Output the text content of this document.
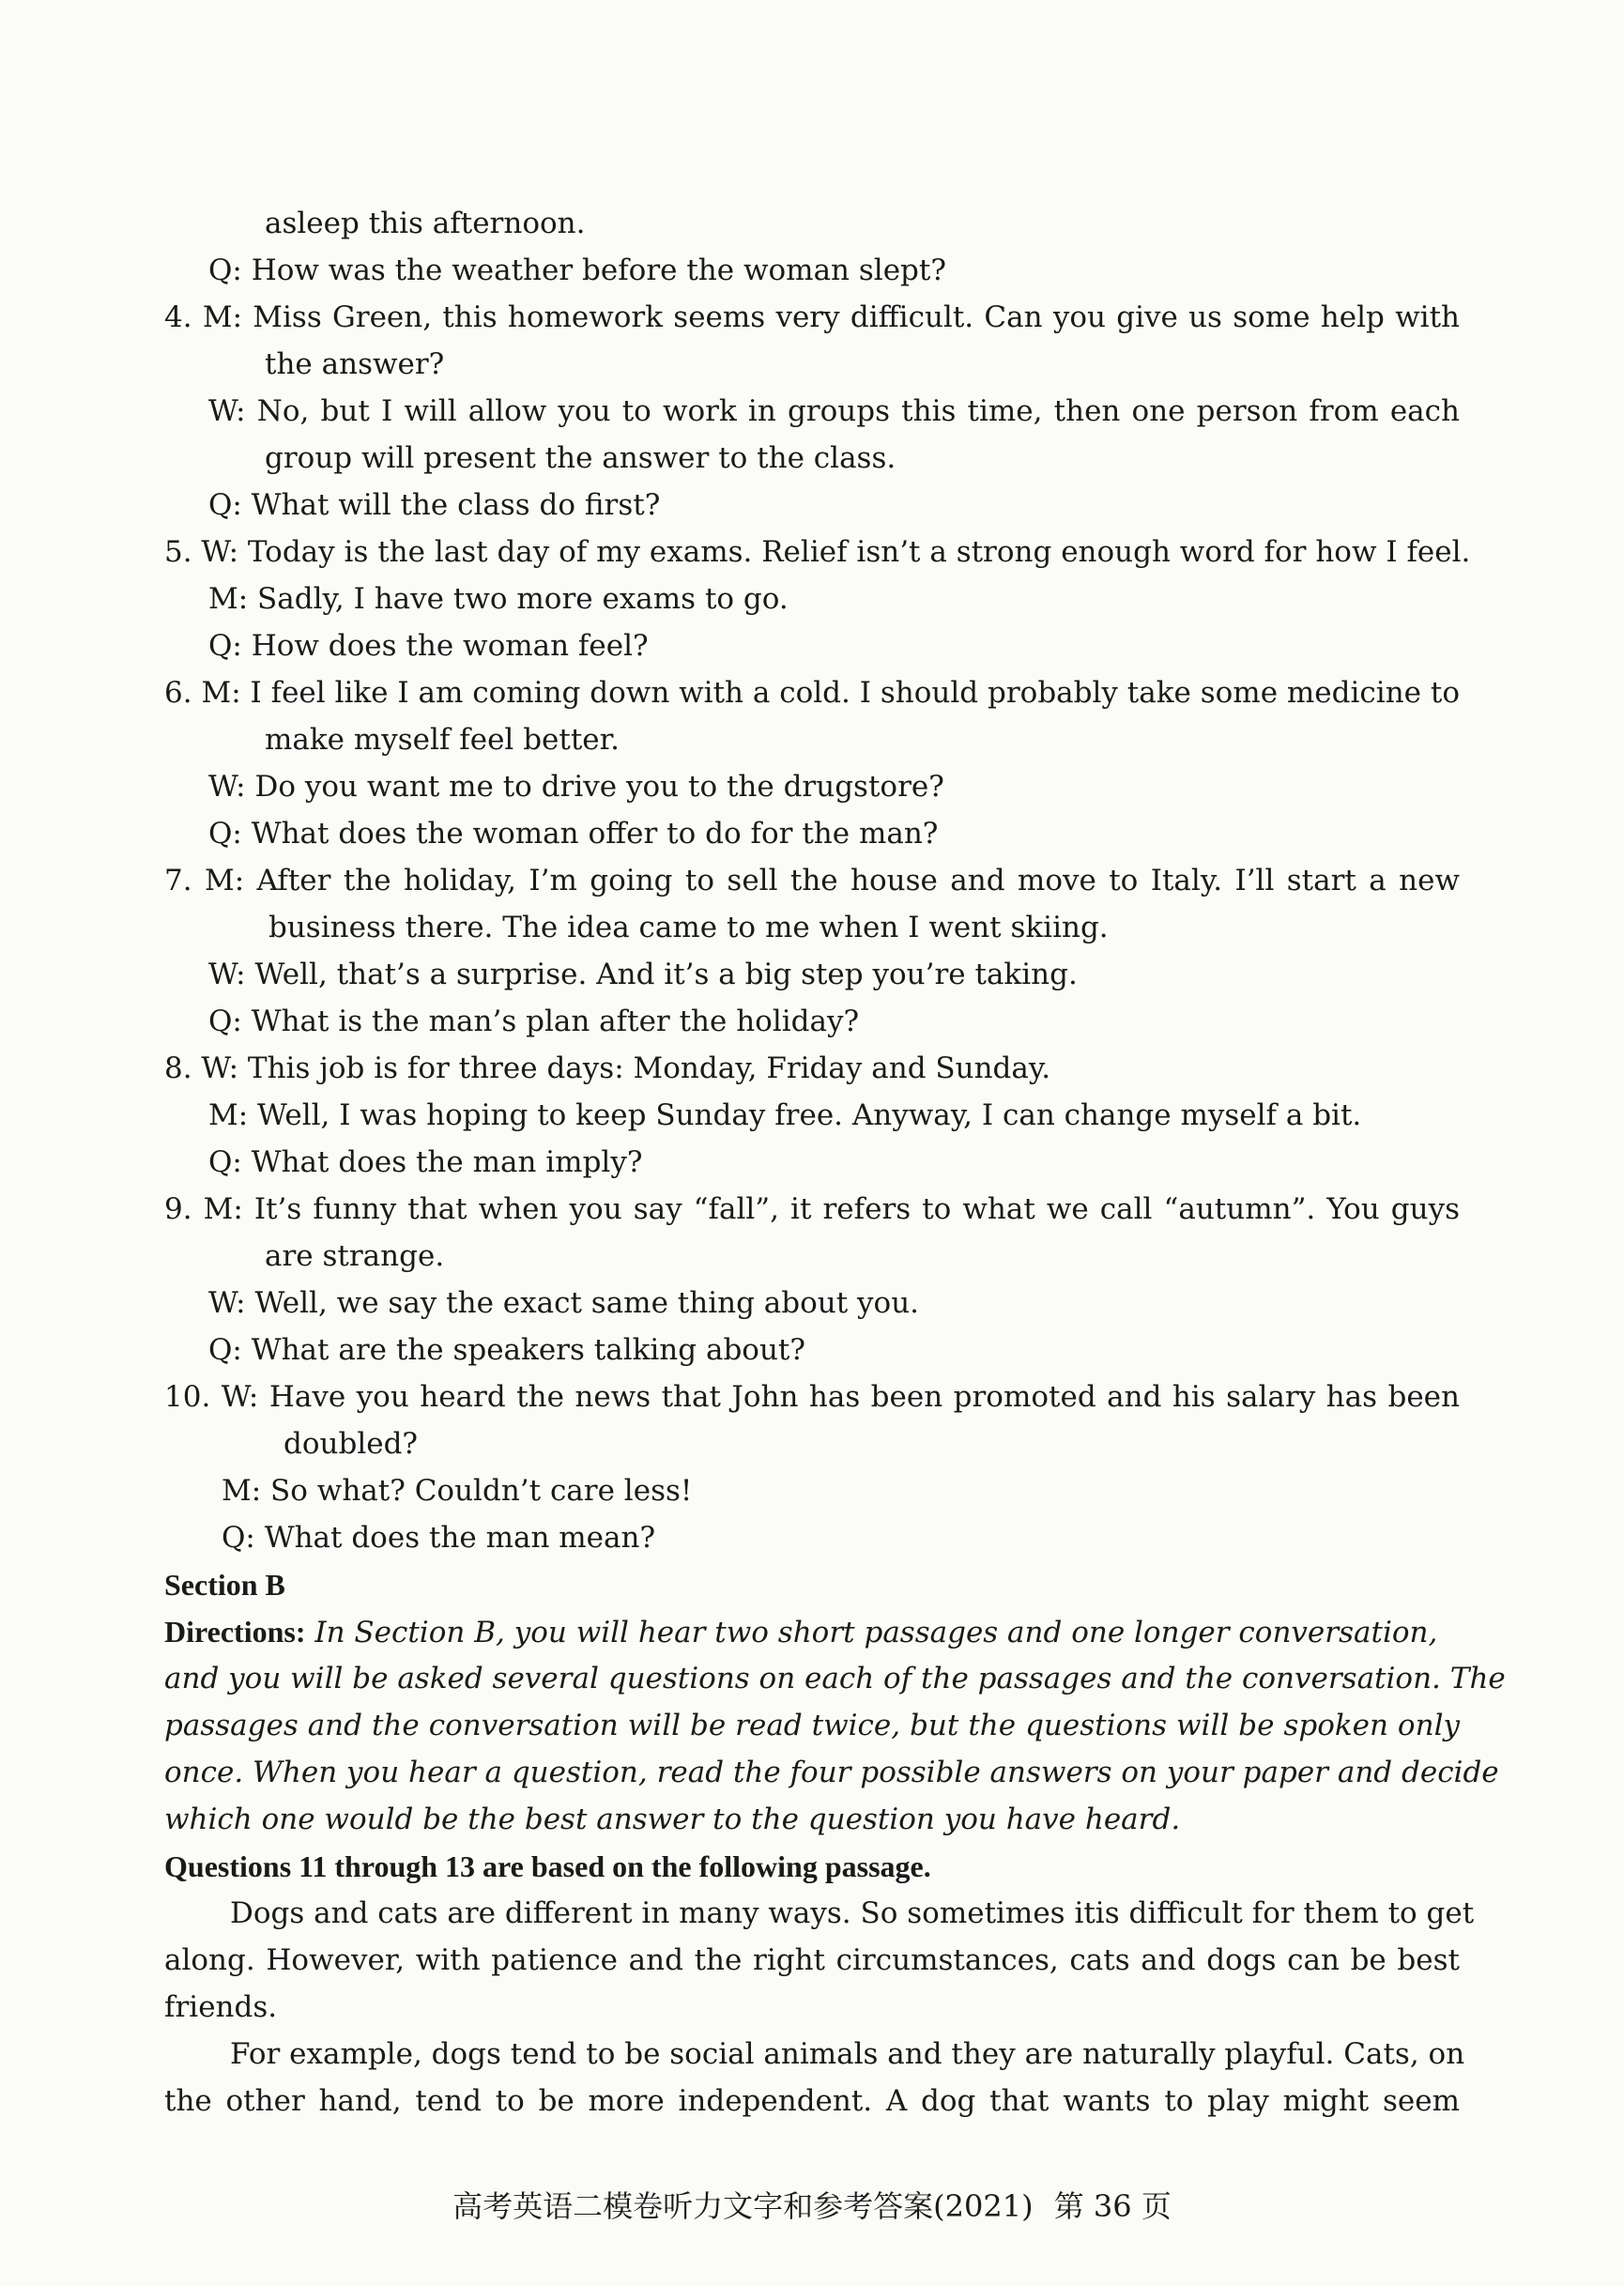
asleep this afternoon.
Q: How was the weather before the woman slept?
4. M: Miss Green, this homework seems very difficult. Can you give us some help with
the answer?
W: No, but I will allow you to work in groups this time, then one person from each
group will present the answer to the class.
Q: What will the class do first?
5. W: Today is the last day of my exams. Relief isn’t a strong enough word for how I feel.
M: Sadly, I have two more exams to go.
Q: How does the woman feel?
6. M: I feel like I am coming down with a cold. I should probably take some medicine to
make myself feel better.
W: Do you want me to drive you to the drugstore?
Q: What does the woman offer to do for the man?
7. M: After the holiday, I’m going to sell the house and move to Italy. I’ll start a new
business there. The idea came to me when I went skiing.
W: Well, that’s a surprise. And it’s a big step you’re taking.
Q: What is the man’s plan after the holiday?
8. W: This job is for three days: Monday, Friday and Sunday.
M: Well, I was hoping to keep Sunday free. Anyway, I can change myself a bit.
Q: What does the man imply?
9. M: It’s funny that when you say “fall”, it refers to what we call “autumn”. You guys
are strange.
W: Well, we say the exact same thing about you.
Q: What are the speakers talking about?
10. W: Have you heard the news that John has been promoted and his salary has been
doubled?
M: So what? Couldn’t care less!
Q: What does the man mean?
Section B
Directions: In Section B, you will hear two short passages and one longer conversation,
and you will be asked several questions on each of the passages and the conversation. The
passages and the conversation will be read twice, but the questions will be spoken only
once. When you hear a question, read the four possible answers on your paper and decide
which one would be the best answer to the question you have heard.
Questions 11 through 13 are based on the following passage.
Dogs and cats are different in many ways. So sometimes itis difficult for them to get
along. However, with patience and the right circumstances, cats and dogs can be best
friends.
For example, dogs tend to be social animals and they are naturally playful. Cats, on
the other hand, tend to be more independent. A dog that wants to play might seem
高考英语二模卷听力文字和参考答案(2021) 第 36 页
